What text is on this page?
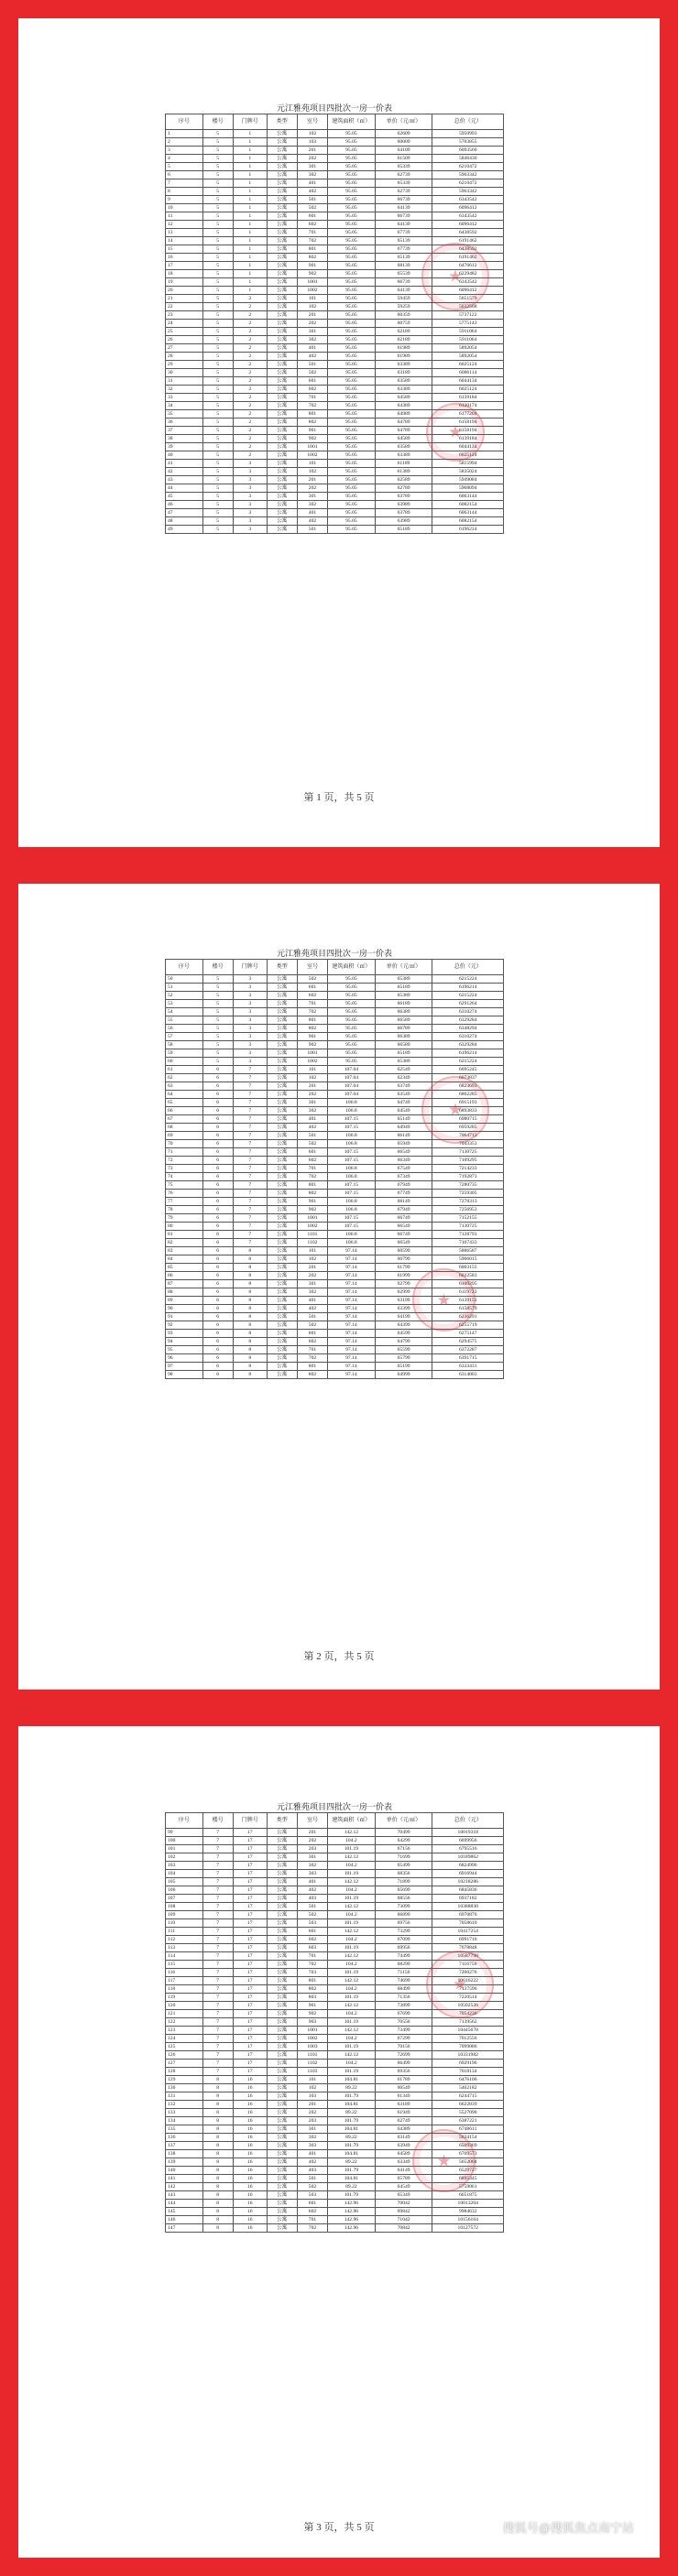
元江雅苑项目四批次一房一价表
序号	楼号	门牌号	类型	室号	建筑面积（㎡）	单价（元/㎡）	总价（元）
1	5	1	公寓	102	95.05	62609	5950993
2	5	1	公寓	103	95.05	60009	5703855
3	5	1	公寓	201	95.05	64109	6093560
4	5	1	公寓	202	95.05	61509	5846430
5	5	1	公寓	301	95.05	65339	6210472
6	5	1	公寓	302	95.05	62739	5963342
7	5	1	公寓	401	95.05	65339	6210472
8	5	1	公寓	402	95.05	62739	5963342
9	5	1	公寓	501	95.05	66739	6343542
10	5	1	公寓	502	95.05	64139	6096412
11	5	1	公寓	601	95.05	66739	6343542
12	5	1	公寓	602	95.05	64139	6096412
13	5	1	公寓	701	95.05	67739	6438592
14	5	1	公寓	702	95.05	65139	6191462
15	5	1	公寓	801	95.05	67739	6438592
16	5	1	公寓	802	95.05	65139	6191462
17	5	1	公寓	901	95.05	68139	6476612
18	5	1	公寓	902	95.05	65539	6229482
19	5	1	公寓	1001	95.05	66739	6343542
20	5	1	公寓	1002	95.05	64139	6096412
21	5	2	公寓	101	95.05	59459	5651579
22	5	2	公寓	102	95.05	59259	5632568
23	5	2	公寓	201	95.05	60359	5737122
24	5	2	公寓	202	95.05	60759	5775143
25	5	2	公寓	301	95.05	62189	5911064
26	5	2	公寓	302	95.05	62189	5911064
27	5	2	公寓	401	95.05	61989	5892054
28	5	2	公寓	402	95.05	61989	5892054
29	5	2	公寓	501	95.05	63389	6025124
30	5	2	公寓	502	95.05	63189	6006114
31	5	2	公寓	601	95.05	63589	6044134
32	5	2	公寓	602	95.05	63389	6025124
33	5	2	公寓	701	95.05	64589	6139184
34	5	2	公寓	702	95.05	64389	6120174
35	5	2	公寓	801	95.05	64989	6177204
36	5	2	公寓	802	95.05	64789	6158194
37	5	2	公寓	901	95.05	64789	6158194
38	5	2	公寓	902	95.05	64589	6139184
39	5	2	公寓	1001	95.05	63589	6044134
40	5	2	公寓	1002	95.05	63389	6025124
41	5	3	公寓	101	95.05	61189	5815994
42	5	3	公寓	102	95.05	61389	5835024
43	5	3	公寓	201	95.05	62589	5949084
44	5	3	公寓	202	95.05	62789	5968094
45	5	3	公寓	301	95.05	63789	6063144
46	5	3	公寓	302	95.05	63989	6082154
47	5	3	公寓	401	95.05	63789	6063144
48	5	3	公寓	402	95.05	63989	6082154
49	5	3	公寓	501	95.05	65189	6196214
★
★
第 1 页，共 5 页
元江雅苑项目四批次一房一价表
序号	楼号	门牌号	类型	室号	建筑面积（㎡）	单价（元/㎡）	总价（元）
50	5	3	公寓	502	95.05	65389	6215224
51	5	3	公寓	601	95.05	65189	6196214
52	5	3	公寓	602	95.05	65389	6215224
53	5	3	公寓	701	95.05	66189	6291264
54	5	3	公寓	702	95.05	66389	6310274
55	5	3	公寓	801	95.05	66589	6329284
56	5	3	公寓	802	95.05	66789	6348294
57	5	3	公寓	901	95.05	66389	6310274
58	5	3	公寓	902	95.05	66589	6329284
59	5	3	公寓	1001	95.05	65189	6196214
60	5	3	公寓	1002	95.05	65389	6215224
61	6	7	公寓	101	107.04	62549	6695245
62	6	7	公寓	102	107.04	62349	6673837
63	6	7	公寓	201	107.04	63749	6823693
64	6	7	公寓	202	107.04	63549	6802285
65	6	7	公寓	301	106.8	64749	6915193
66	6	7	公寓	302	106.8	64549	6893833
67	6	7	公寓	401	107.15	65149	6980715
68	6	7	公寓	402	107.15	64949	6959285
69	6	7	公寓	501	106.8	66149	7064713
70	6	7	公寓	502	106.8	65949	7043353
71	6	7	公寓	601	107.15	66549	7130725
72	6	7	公寓	602	107.15	66349	7109295
73	6	7	公寓	701	106.8	67549	7214233
74	6	7	公寓	702	106.8	67349	7192873
75	6	7	公寓	801	107.15	67949	7280735
76	6	7	公寓	802	107.15	67749	7259305
77	6	7	公寓	901	106.8	68149	7278313
78	6	7	公寓	902	106.8	67949	7256953
79	6	7	公寓	1001	107.15	66749	7152155
80	6	7	公寓	1002	107.15	66549	7130725
81	6	7	公寓	1101	106.8	66749	7128793
82	6	7	公寓	1102	106.8	66549	7107433
83	6	8	公寓	101	97.14	60599	5886587
84	6	8	公寓	102	97.14	60799	5906015
85	6	8	公寓	201	97.14	61799	6003155
86	6	8	公寓	202	97.14	61999	6022583
87	6	8	公寓	301	97.14	62799	6100295
88	6	8	公寓	302	97.14	62999	6119723
89	6	8	公寓	401	97.14	63199	6139151
90	6	8	公寓	402	97.14	63399	6158579
91	6	8	公寓	501	97.14	64199	6236291
92	6	8	公寓	502	97.14	64399	6255719
93	6	8	公寓	601	97.14	64599	6275147
94	6	8	公寓	602	97.14	64799	6294575
95	6	8	公寓	701	97.14	65599	6372287
96	6	8	公寓	702	97.14	65799	6391715
97	6	8	公寓	801	97.14	65199	6333431
98	6	8	公寓	802	97.14	64999	6314003
★
★
第 2 页，共 5 页
元江雅苑项目四批次一房一价表
序号	楼号	门牌号	类型	室号	建筑面积（㎡）	单价（元/㎡）	总价（元）
99	7	17	公寓	201	142.12	70499	10019318
100	7	17	公寓	202	104.2	64299	6699956
101	7	17	公寓	203	101.19	67156	6795516
102	7	17	公寓	301	142.12	71699	10189862
103	7	17	公寓	302	104.2	65499	6824996
104	7	17	公寓	303	101.19	68356	6916944
105	7	17	公寓	401	142.12	71899	10218286
106	7	17	公寓	402	104.2	65699	6845836
107	7	17	公寓	403	101.19	68556	6937182
108	7	17	公寓	501	142.12	73099	10388830
109	7	17	公寓	502	104.2	66899	6970876
110	7	17	公寓	503	101.19	69756	7058610
111	7	17	公寓	601	142.12	73299	10417254
112	7	17	公寓	602	104.2	67099	6991716
113	7	17	公寓	603	101.19	69956	7078848
114	7	17	公寓	701	142.12	74499	10587798
115	7	17	公寓	702	104.2	68299	7116756
116	7	17	公寓	703	101.19	71156	7200276
117	7	17	公寓	801	142.12	74699	10616222
118	7	17	公寓	802	104.2	68499	7137596
119	7	17	公寓	803	101.19	71356	7220514
120	7	17	公寓	901	142.12	73899	10502526
121	7	17	公寓	902	104.2	67699	7054236
122	7	17	公寓	903	101.19	70556	7139562
123	7	17	公寓	1001	142.12	73499	10445678
124	7	17	公寓	1002	104.2	67299	7012556
125	7	17	公寓	1003	101.19	70156	7099086
126	7	17	公寓	1101	142.12	72699	10331982
127	7	17	公寓	1102	104.2	66499	6929196
128	7	17	公寓	1103	101.19	69356	7018134
129	8	16	公寓	101	104.81	61789	6476106
130	8	16	公寓	102	89.22	60549	5402182
131	8	16	公寓	103	101.79	61349	6244715
132	8	16	公寓	201	104.81	63189	6622839
133	8	16	公寓	202	89.22	61949	5527090
134	8	16	公寓	203	101.79	62749	6387221
135	8	16	公寓	301	104.81	64389	6748611
136	8	16	公寓	302	89.22	63149	5634154
137	8	16	公寓	303	101.79	63949	6509369
138	8	16	公寓	401	104.81	64589	6769573
139	8	16	公寓	402	89.22	63349	5652004
140	8	16	公寓	403	101.79	64149	6529727
141	8	16	公寓	501	104.81	65789	6895345
142	8	16	公寓	502	89.22	64549	5759061
143	8	16	公寓	503	101.79	65349	6651875
144	8	16	公寓	601	142.96	70042	10013204
145	8	16	公寓	602	142.96	69842	9984632
146	8	16	公寓	701	142.96	71042	10156164
147	8	16	公寓	702	142.96	70842	10127572
★
★
第 3 页，共 5 页	搜狐号@搜狐焦点南宁站
